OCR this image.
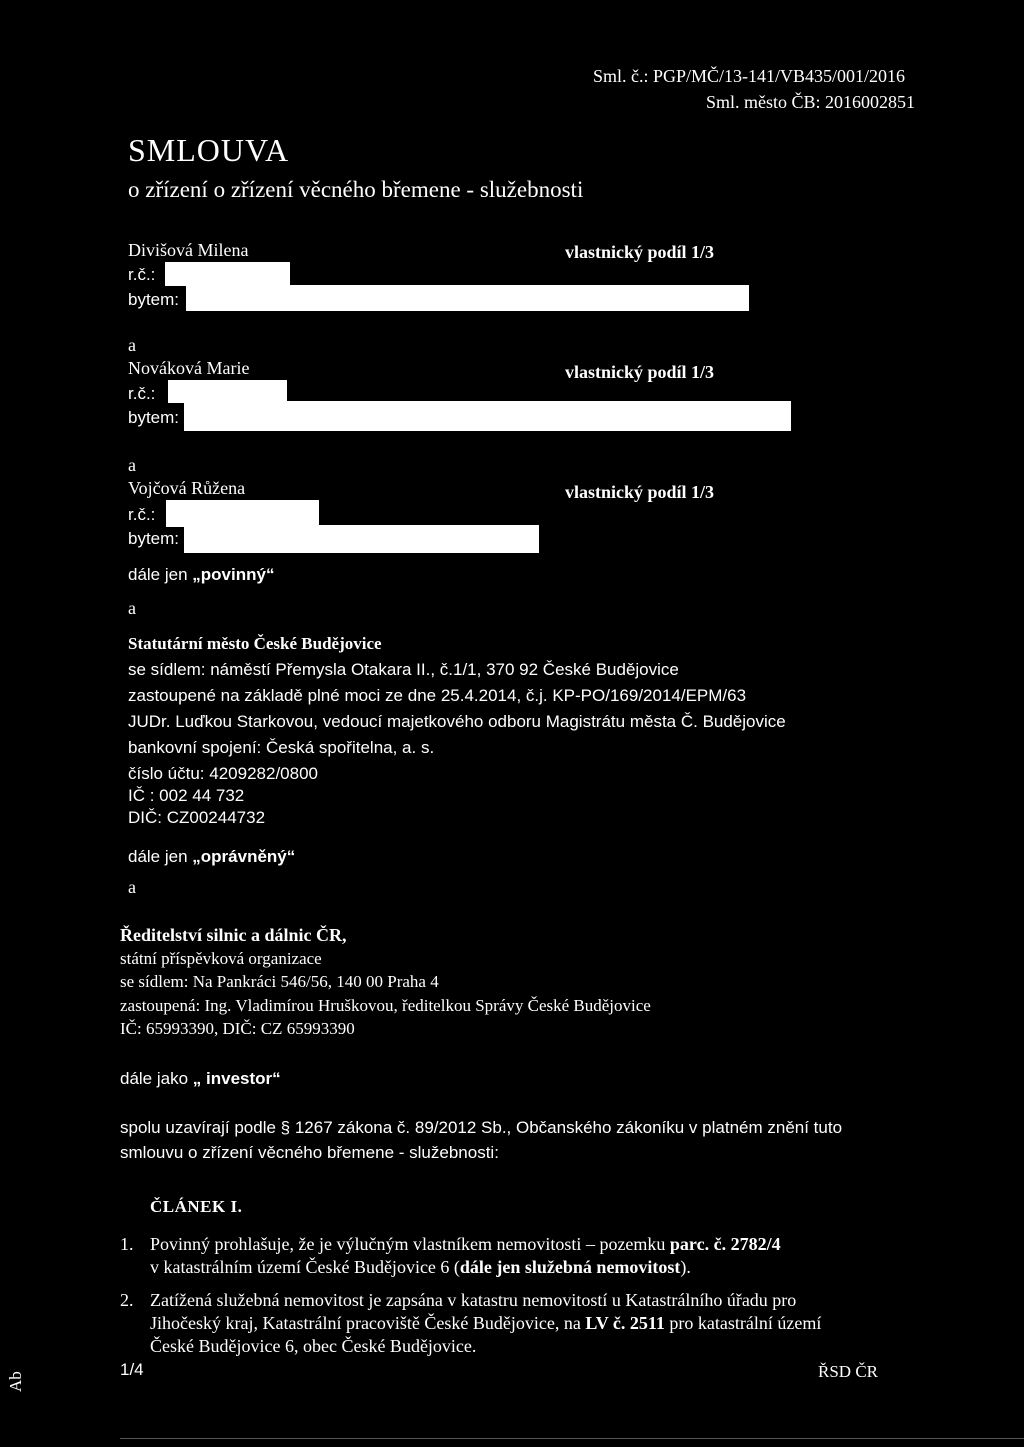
Sml. č.: PGP/MČ/13-141/VB435/001/2016
Sml. město ČB: 2016002851
SMLOUVA
o zřízení o zřízení věcného břemene - služebnosti
Divišová Milena	vlastnický podíl 1/3
r.č.:
bytem:
a
Nováková Marie	vlastnický podíl 1/3
r.č.:
bytem:
a
Vojčová Růžena	vlastnický podíl 1/3
r.č.:
bytem:
dále jen „povinný“
a
Statutární město České Budějovice
se sídlem: náměstí Přemysla Otakara II., č.1/1, 370 92 České Budějovice
zastoupené na základě plné moci ze dne 25.4.2014, č.j. KP-PO/169/2014/EPM/63
JUDr. Luďkou Starkovou, vedoucí majetkového odboru Magistrátu města Č. Budějovice
bankovní spojení: Česká spořitelna, a. s.
číslo účtu: 4209282/0800
IČ : 002 44 732
DIČ: CZ00244732
dále jen „oprávněný“
a
Ředitelství silnic a dálnic ČR,
státní příspěvková organizace
se sídlem: Na Pankráci 546/56, 140 00 Praha 4
zastoupená: Ing. Vladimírou Hruškovou, ředitelkou Správy České Budějovice
IČ: 65993390, DIČ: CZ 65993390
dále jako „ investor“
spolu uzavírají podle § 1267 zákona č. 89/2012 Sb., Občanského zákoníku v platném znění tuto
smlouvu o zřízení věcného břemene - služebnosti:
ČLÁNEK I.
1. Povinný prohlašuje, že je výlučným vlastníkem nemovitosti – pozemku parc. č. 2782/4
v katastrálním území České Budějovice 6 (dále jen služebná nemovitost).
2. Zatížená služebná nemovitost je zapsána v katastru nemovitostí u Katastrálního úřadu pro
Jihočeský kraj, Katastrální pracoviště České Budějovice, na LV č. 2511 pro katastrální území
České Budějovice 6, obec České Budějovice.
1/4	ŘSD ČR
Ab
